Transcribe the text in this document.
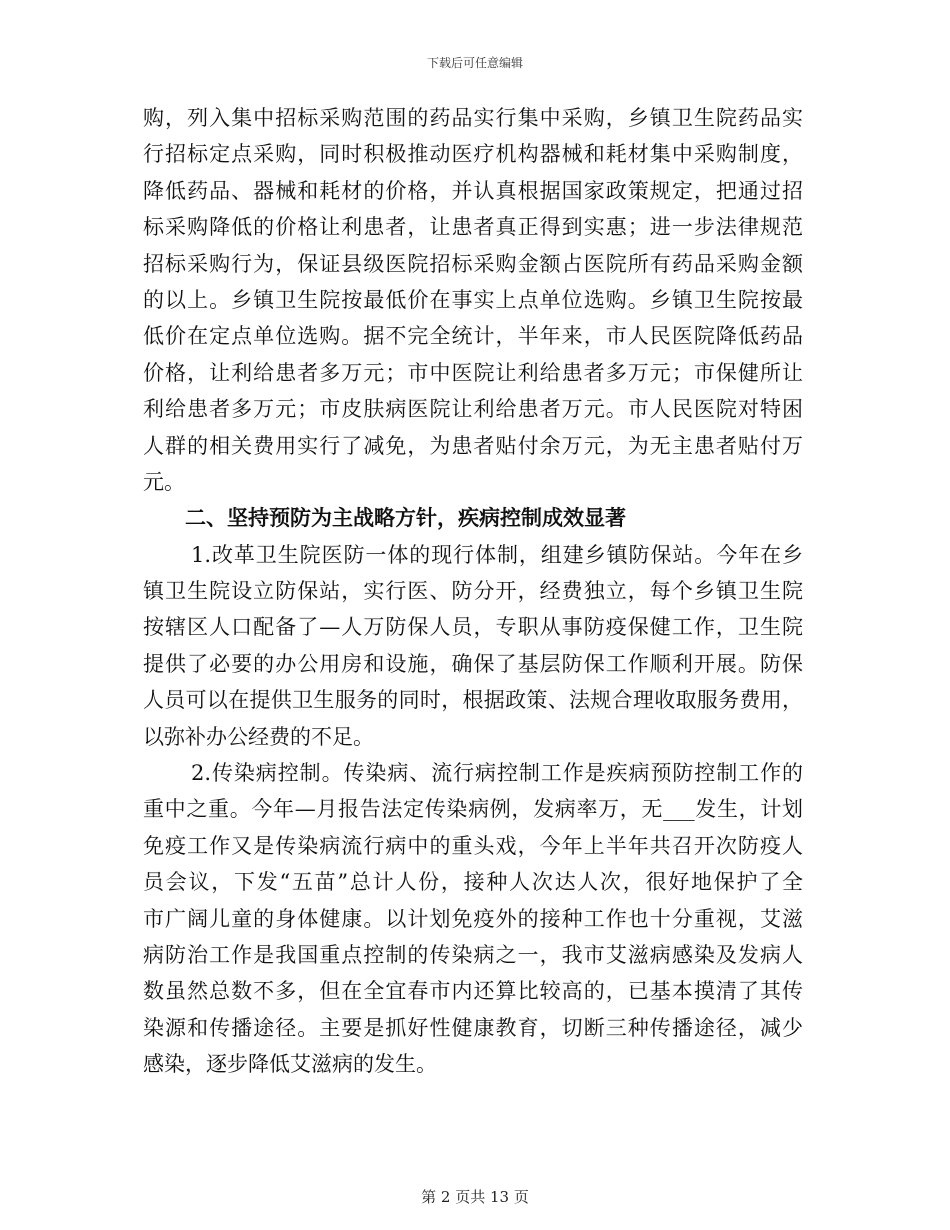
下载后可任意编辑
购，列入集中招标采购范围的药品实行集中采购，乡镇卫生院药品实
行招标定点采购，同时积极推动医疗机构器械和耗材集中采购制度，
降低药品、器械和耗材的价格，并认真根据国家政策规定，把通过招
标采购降低的价格让利患者，让患者真正得到实惠；进一步法律规范
招标采购行为，保证县级医院招标采购金额占医院所有药品采购金额
的以上。乡镇卫生院按最低价在事实上点单位选购。乡镇卫生院按最
低价在定点单位选购。据不完全统计，半年来，市人民医院降低药品
价格，让利给患者多万元；市中医院让利给患者多万元；市保健所让
利给患者多万元；市皮肤病医院让利给患者万元。市人民医院对特困
人群的相关费用实行了减免，为患者贴付余万元，为无主患者贴付万
元。
二、坚持预防为主战略方针，疾病控制成效显著
1.改革卫生院医防一体的现行体制，组建乡镇防保站。今年在乡
镇卫生院设立防保站，实行医、防分开，经费独立，每个乡镇卫生院
按辖区人口配备了—人万防保人员，专职从事防疫保健工作，卫生院
提供了必要的办公用房和设施，确保了基层防保工作顺利开展。防保
人员可以在提供卫生服务的同时，根据政策、法规合理收取服务费用，
以弥补办公经费的不足。
2.传染病控制。传染病、流行病控制工作是疾病预防控制工作的
重中之重。今年—月报告法定传染病例，发病率万，无___发生，计划
免疫工作又是传染病流行病中的重头戏，今年上半年共召开次防疫人
员会议，下发“五苗”总计人份，接种人次达人次，很好地保护了全
市广阔儿童的身体健康。以计划免疫外的接种工作也十分重视，艾滋
病防治工作是我国重点控制的传染病之一，我市艾滋病感染及发病人
数虽然总数不多，但在全宜春市内还算比较高的，已基本摸清了其传
染源和传播途径。主要是抓好性健康教育，切断三种传播途径，减少
感染，逐步降低艾滋病的发生。
第 2 页共 13 页
